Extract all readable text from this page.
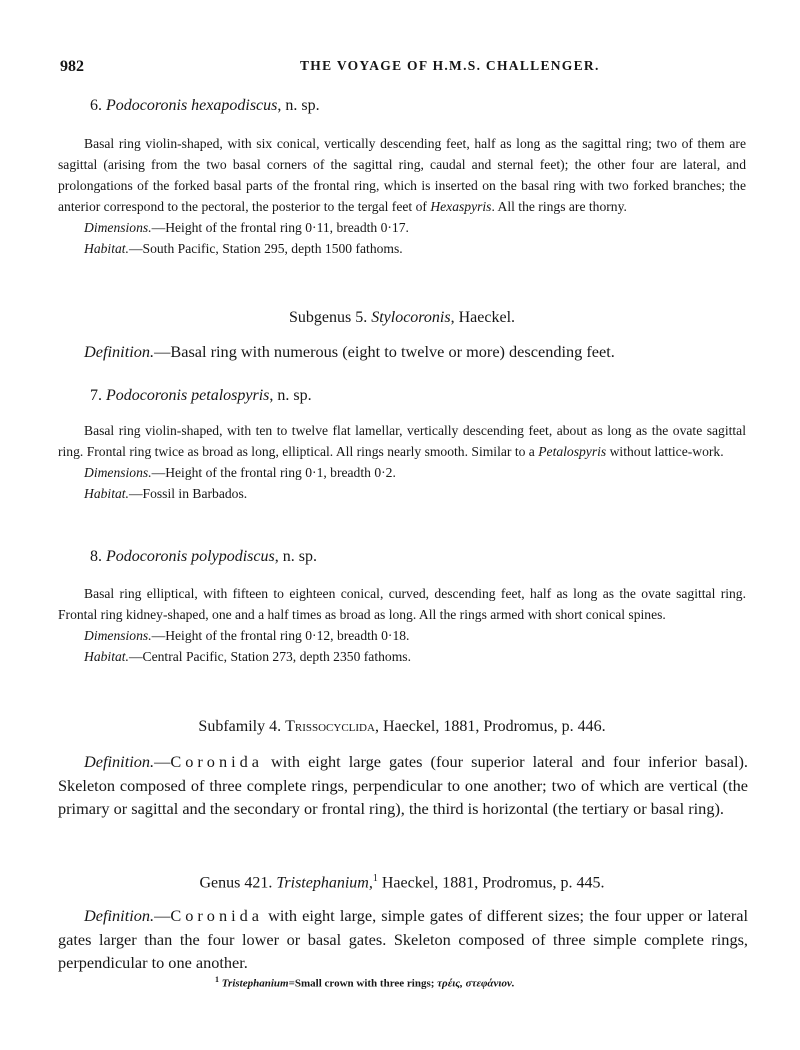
982	THE VOYAGE OF H.M.S. CHALLENGER.
6. Podocoronis hexapodiscus, n. sp.

Basal ring violin-shaped, with six conical, vertically descending feet, half as long as the sagittal ring; two of them are sagittal (arising from the two basal corners of the sagittal ring, caudal and sternal feet); the other four are lateral, and prolongations of the forked basal parts of the frontal ring, which is inserted on the basal ring with two forked branches; the anterior correspond to the pectoral, the posterior to the tergal feet of Hexaspyris. All the rings are thorny.

Dimensions.—Height of the frontal ring 0·11, breadth 0·17.

Habitat.—South Pacific, Station 295, depth 1500 fathoms.

Subgenus 5. Stylocoronis, Haeckel.

Definition.—Basal ring with numerous (eight to twelve or more) descending feet.

7. Podocoronis petalospyris, n. sp.

Basal ring violin-shaped, with ten to twelve flat lamellar, vertically descending feet, about as long as the ovate sagittal ring. Frontal ring twice as broad as long, elliptical. All rings nearly smooth. Similar to a Petalospyris without lattice-work.

Dimensions.—Height of the frontal ring 0·1, breadth 0·2.

Habitat.—Fossil in Barbados.

8. Podocoronis polypodiscus, n. sp.

Basal ring elliptical, with fifteen to eighteen conical, curved, descending feet, half as long as the ovate sagittal ring. Frontal ring kidney-shaped, one and a half times as broad as long. All the rings armed with short conical spines.

Dimensions.—Height of the frontal ring 0·12, breadth 0·18.

Habitat.—Central Pacific, Station 273, depth 2350 fathoms.

Subfamily 4. Trissocyclida, Haeckel, 1881, Prodromus, p. 446.

Definition.—Coronida with eight large gates (four superior lateral and four inferior basal). Skeleton composed of three complete rings, perpendicular to one another; two of which are vertical (the primary or sagittal and the secondary or frontal ring), the third is horizontal (the tertiary or basal ring).

Genus 421. Tristephanium,$^1$ Haeckel, 1881, Prodromus, p. 445.

Definition.—Coronida with eight large, simple gates of different sizes; the four upper or lateral gates larger than the four lower or basal gates. Skeleton composed of three simple complete rings, perpendicular to one another.

$^1$ Tristephanium=Small crown with three rings; τρέις, στεφάνιον.
